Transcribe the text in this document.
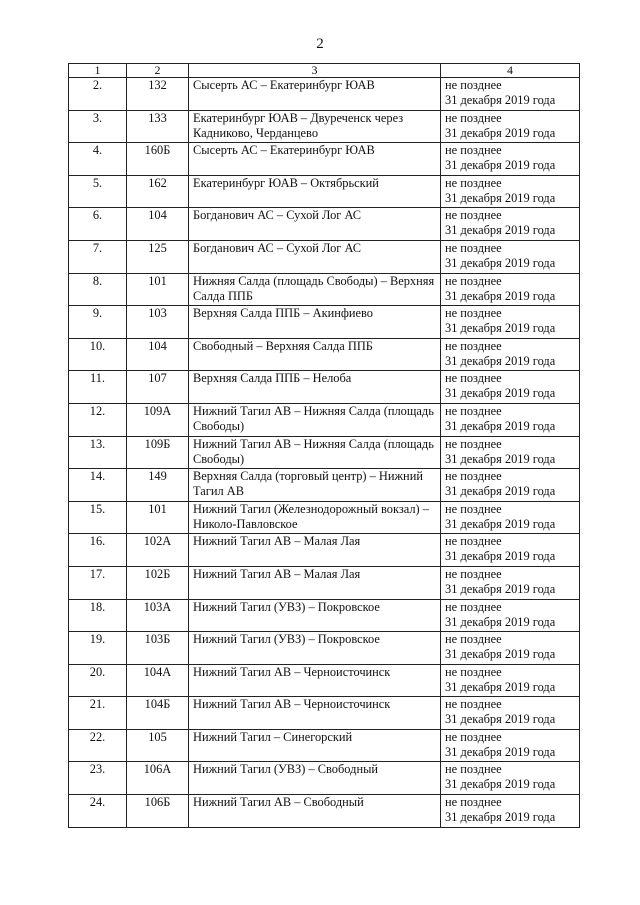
2
1	2	3	4
2.	132	Сысерть АС – Екатеринбург ЮАВ	не позднее
31 декабря 2019 года

3.	133	Екатеринбург ЮАВ – Двуреченск через Кадниково, Черданцево	не позднее
31 декабря 2019 года

4.	160Б	Сысерть АС – Екатеринбург ЮАВ	не позднее
31 декабря 2019 года

5.	162	Екатеринбург ЮАВ – Октябрьский	не позднее
31 декабря 2019 года

6.	104	Богданович АС – Сухой Лог АС	не позднее
31 декабря 2019 года

7.	125	Богданович АС – Сухой Лог АС	не позднее
31 декабря 2019 года

8.	101	Нижняя Салда (площадь Свободы) – Верхняя Салда ППБ	не позднее
31 декабря 2019 года

9.	103	Верхняя Салда ППБ – Акинфиево	не позднее
31 декабря 2019 года

10.	104	Свободный – Верхняя Салда ППБ	не позднее
31 декабря 2019 года

11.	107	Верхняя Салда ППБ – Нелоба	не позднее
31 декабря 2019 года

12.	109А	Нижний Тагил АВ – Нижняя Салда (площадь Свободы)	не позднее
31 декабря 2019 года

13.	109Б	Нижний Тагил АВ – Нижняя Салда (площадь Свободы)	не позднее
31 декабря 2019 года

14.	149	Верхняя Салда (торговый центр) – Нижний Тагил АВ	не позднее
31 декабря 2019 года

15.	101	Нижний Тагил (Железнодорожный вокзал) – Николо-Павловское	не позднее
31 декабря 2019 года

16.	102А	Нижний Тагил АВ – Малая Лая	не позднее
31 декабря 2019 года

17.	102Б	Нижний Тагил АВ – Малая Лая	не позднее
31 декабря 2019 года

18.	103А	Нижний Тагил (УВЗ) – Покровское	не позднее
31 декабря 2019 года

19.	103Б	Нижний Тагил (УВЗ) – Покровское	не позднее
31 декабря 2019 года

20.	104А	Нижний Тагил АВ – Черноисточинск	не позднее
31 декабря 2019 года

21.	104Б	Нижний Тагил АВ – Черноисточинск	не позднее
31 декабря 2019 года

22.	105	Нижний Тагил – Синегорский	не позднее
31 декабря 2019 года

23.	106А	Нижний Тагил (УВЗ) – Свободный	не позднее
31 декабря 2019 года

24.	106Б	Нижний Тагил АВ – Свободный	не позднее
31 декабря 2019 года
